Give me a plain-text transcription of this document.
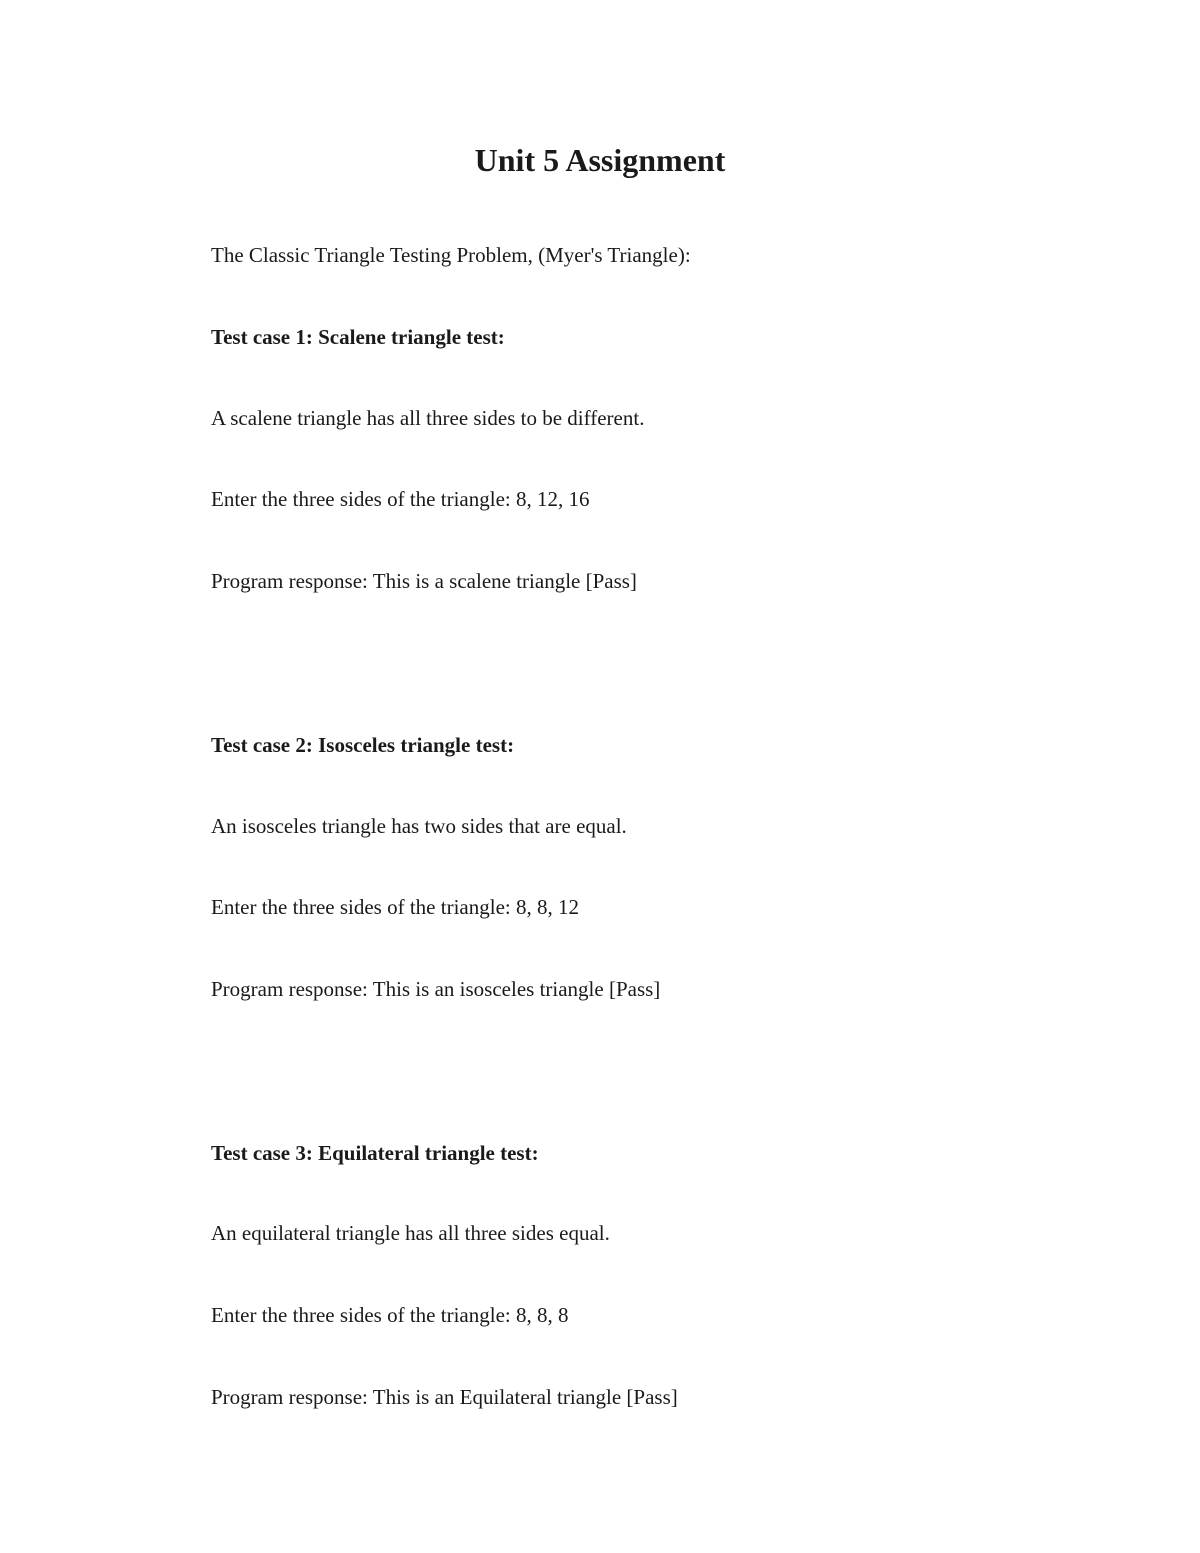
Unit 5 Assignment

The Classic Triangle Testing Problem, (Myer's Triangle):

Test case 1: Scalene triangle test:

A scalene triangle has all three sides to be different.

Enter the three sides of the triangle: 8, 12, 16

Program response: This is a scalene triangle [Pass]

Test case 2: Isosceles triangle test:

An isosceles triangle has two sides that are equal.

Enter the three sides of the triangle: 8, 8, 12

Program response: This is an isosceles triangle [Pass]

Test case 3: Equilateral triangle test:

An equilateral triangle has all three sides equal.

Enter the three sides of the triangle: 8, 8, 8

Program response: This is an Equilateral triangle [Pass]
